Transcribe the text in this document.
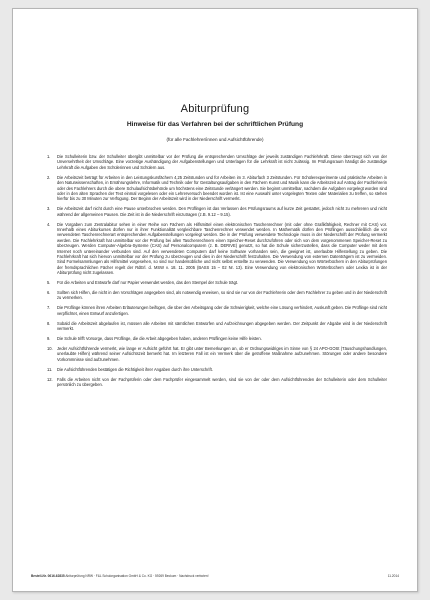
Abiturprüfung
Hinweise für das Verfahren bei der schriftlichen Prüfung
(für alle Fachlehrer/innen und Aufsichtführende)
1.	Die Schulleiterin bzw. der Schulleiter übergibt unmittelbar vor der Prüfung die entsprechenden Umschläge der jeweils zuständigen Fachlehrkraft. Diese überzeugt sich von der Unversehrtheit der Umschläge. Eine vorzeitige Aushändigung der Aufgabenstellungen und Unterlagen für die Lehrkraft ist nicht zulässig. Im Prüfungsraum händigt die zuständige Lehrkraft die Aufgaben den Schülerinnen und Schülern aus.
2.	Die Arbeitszeit beträgt für Arbeiten in den Leistungskursfächern 4,25 Zeitstunden und für Arbeiten im 3. Abiturfach 3 Zeitstunden. Für Schülerexperimente und praktische Arbeiten in den Naturwissenschaften, in Ernährungslehre, Informatik und Technik oder für Gestaltungsaufgaben in den Fächern Kunst und Musik kann die Arbeitszeit auf Antrag der Fachlehrerin oder des Fachlehrers durch die obere Schulaufsichtsbehörde um höchstens eine Zeitstunde verlängert werden. Sie beginnt unmittelbar, nachdem die Aufgaben vorgelegt worden sind oder in den alten Sprachen der Text einmal vorgelesen oder ein Lehrerversuch beendet worden ist. Ist eine Auswahl unter vorgelegten Texten oder Materialien zu treffen, so stehen hierfür bis zu 30 Minuten zur Verfügung. Der Beginn der Arbeitszeit wird in der Niederschrift vermerkt.
3.	Die Arbeitszeit darf nicht durch eine Pause unterbrochen werden. Den Prüflingen ist das Verlassen des Prüfungsraums auf kurze Zeit gestattet, jedoch nicht zu mehreren und nicht während der allgemeinen Pausen. Die Zeit ist in die Niederschrift einzutragen (z.B. 9.12 – 9.15).
4.	Die Vorgaben zum Zentralabitur sehen in einer Reihe von Fächern als Hilfsmittel einen elektronischen Taschenrechner (mit oder ohne Grafikfähigkeit, Rechner mit CAS) vor. Innerhalb eines Abiturkurses dürfen nur in ihrer Funktionalität vergleichbare Taschenrechner verwendet werden. In Mathematik dürfen den Prüflingen ausschließlich die vor verwendeten Taschenrechnerart entsprechenden Aufgabenstellungen vorgelegt werden. Die in der Prüfung verwendete Technologie muss in der Niederschrift der Prüfung vermerkt werden. Die Fachlehrkraft hat unmittelbar vor der Prüfung bei allen Taschenrechnern einen Speicher-Reset durchzuführen oder sich von dem vorgenommenen Speicher-Reset zu überzeugen. Werden Computer-Algebra-Systeme (CAS) auf Personalcomputern (z. B. DERIVE) genutzt, so hat die Schule sicherzustellen, dass die Computer weder mit dem Internet noch untereinander verbunden sind. Auf den verwendeten Computern darf keine Software vorhanden sein, die geeignet ist, unerlaubte Hilfestellung zu geben. Die Fachlehrkraft hat sich hiervon unmittelbar vor der Prüfung zu überzeugen und dies in der Niederschrift festzuhalten. Die Verwendung von externen Datenträgern ist zu vermeiden. Sind Formelsammlungen als Hilfsmittel vorgesehen, so sind nur handelsübliche und nicht selbst erstellte zu verwenden. Die Verwendung von Wörterbüchern in den Abiturprüfungen der fremdsprachlichen Fächer regelt der RdErl. d. MSW v. 18. 11. 2005 (BASS 15 – 02 Nr. 13). Eine Verwendung von elektronischen Wörterbüchern oder Lexika ist in der Abiturprüfung nicht zugelassen.
5.	Für die Arbeiten und Entwürfe darf nur Papier verwendet werden, das den Stempel der Schule trägt.
6.	Sollten sich Hilfen, die nicht in den Vorschlägen angegeben sind, als notwendig erweisen, so sind sie nur von der Fachlehrerin oder dem Fachlehrer zu geben und in der Niederschrift zu vermerken.
7.	Die Prüflinge können ihren Arbeiten Erläuterungen beifügen, die über den Arbeitsgang oder die Schwierigkeit, welche eine Lösung verhindert, Auskunft geben. Die Prüflinge sind nicht verpflichtet, einen Entwurf anzufertigen.
8.	Sobald die Arbeitszeit abgelaufen ist, müssen alle Arbeiten mit sämtlichen Entwürfen und Aufzeichnungen abgegeben werden. Der Zeitpunkt der Abgabe wird in der Niederschrift vermerkt.
9.	Die Schule trifft Vorsorge, dass Prüflinge, die die Arbeit abgegeben haben, anderen Prüflingen keine Hilfe leisten.
10.	Jeder Aufsichtführende vermerkt, wie lange er Aufsicht geführt hat. Er gibt unter Bemerkungen an, ob er Ordnungswidriges im Sinne von § 24 APO-GOSt (Täuschungshandlungen, unerlaubte Hilfen) während seiner Aufsichtszeit bemerkt hat. Im letzteren Fall ist ein Vermerk über die getroffene Maßnahme aufzunehmen. Störungen oder andere besondere Vorkommnisse sind aufzunehmen.
11.	Die Aufsichtführenden bestätigen die Richtigkeit ihrer Angaben durch ihre Unterschrift.
12.	Falls die Arbeiten nicht von der Fachprüferin oder dem Fachprüfer eingesammelt werden, sind sie von der oder dem Aufsichtführenden der Schulleiterin oder dem Schulleiter persönlich zu übergeben.
Bestell-Nr. 0616-62835 Abiturprüfung NRW · F&L Schulorganisation GmbH & Co. KG · 59269 Beckum · Nachdruck verboten!	11.2014
